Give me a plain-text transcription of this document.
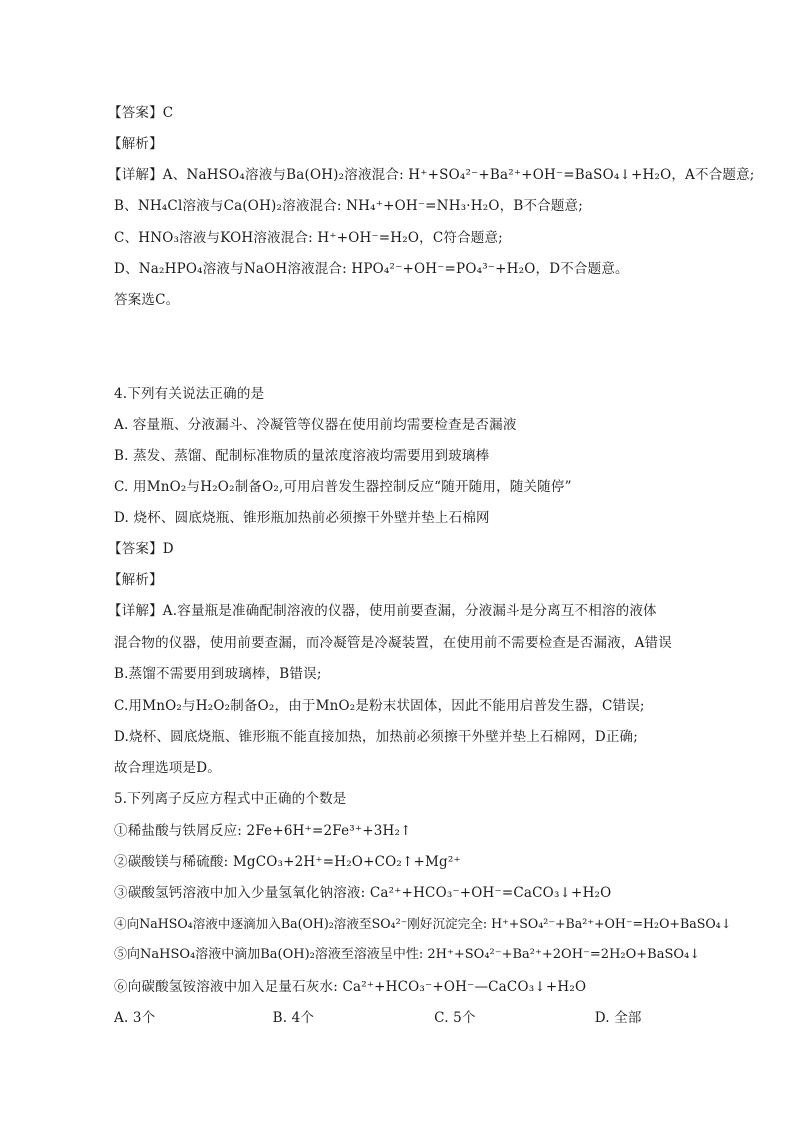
【答案】C
【解析】
【详解】A、NaHSO₄溶液与Ba(OH)₂溶液混合: H⁺+SO₄²⁻+Ba²⁺+OH⁻=BaSO₄↓+H₂O，A不合题意;
B、NH₄Cl溶液与Ca(OH)₂溶液混合: NH₄⁺+OH⁻=NH₃·H₂O，B不合题意;
C、HNO₃溶液与KOH溶液混合: H⁺+OH⁻=H₂O，C符合题意;
D、Na₂HPO₄溶液与NaOH溶液混合: HPO₄²⁻+OH⁻=PO₄³⁻+H₂O，D不合题意。
答案选C。
4.下列有关说法正确的是
A. 容量瓶、分液漏斗、冷凝管等仪器在使用前均需要检查是否漏液
B. 蒸发、蒸馏、配制标准物质的量浓度溶液均需要用到玻璃棒
C. 用MnO₂与H₂O₂制备O₂,可用启普发生器控制反应“随开随用，随关随停”
D. 烧杯、圆底烧瓶、锥形瓶加热前必须擦干外壁并垫上石棉网
【答案】D
【解析】
【详解】A.容量瓶是准确配制溶液的仪器，使用前要查漏，分液漏斗是分离互不相溶的液体
混合物的仪器，使用前要查漏，而冷凝管是冷凝装置，在使用前不需要检查是否漏液，A错误
B.蒸馏不需要用到玻璃棒，B错误;
C.用MnO₂与H₂O₂制备O₂，由于MnO₂是粉末状固体，因此不能用启普发生器，C错误;
D.烧杯、圆底烧瓶、锥形瓶不能直接加热，加热前必须擦干外壁并垫上石棉网，D正确;
故合理选项是D。
5.下列离子反应方程式中正确的个数是
①稀盐酸与铁屑反应: 2Fe+6H⁺=2Fe³⁺+3H₂↑
②碳酸镁与稀硫酸: MgCO₃+2H⁺=H₂O+CO₂↑+Mg²⁺
③碳酸氢钙溶液中加入少量氢氧化钠溶液: Ca²⁺+HCO₃⁻+OH⁻=CaCO₃↓+H₂O
④向NaHSO₄溶液中逐滴加入Ba(OH)₂溶液至SO₄²⁻刚好沉淀完全: H⁺+SO₄²⁻+Ba²⁺+OH⁻=H₂O+BaSO₄↓
⑤向NaHSO₄溶液中滴加Ba(OH)₂溶液至溶液呈中性: 2H⁺+SO₄²⁻+Ba²⁺+2OH⁻=2H₂O+BaSO₄↓
⑥向碳酸氢铵溶液中加入足量石灰水: Ca²⁺+HCO₃⁻+OH⁻—CaCO₃↓+H₂O
A. 3个	B. 4个	C. 5个	D. 全部
